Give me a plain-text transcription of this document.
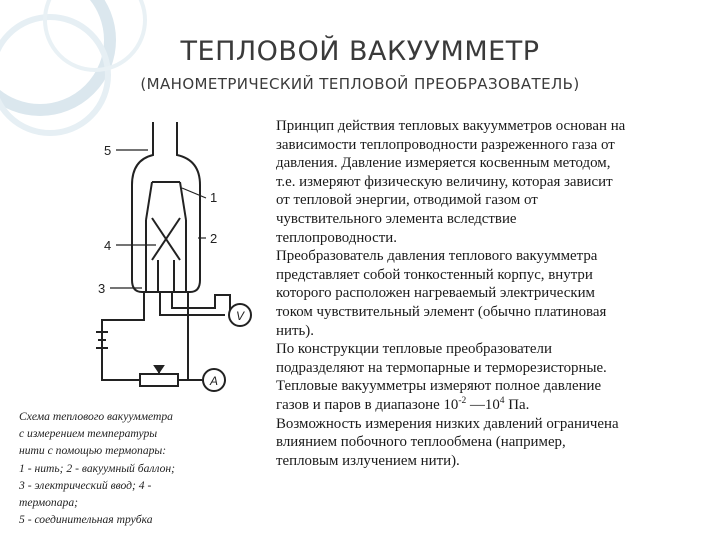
ТЕПЛОВОЙ ВАКУУММЕТР
(МАНОМЕТРИЧЕСКИЙ ТЕПЛОВОЙ ПРЕОБРАЗОВАТЕЛЬ)
V
A
5
1
4	2
3
Схема теплового вакуумметра
с измерением температуры
нити с помощью термопары:
1 - нить; 2 - вакуумный баллон;
3 - электрический ввод; 4 -
термопара;
5 - соединительная трубка
Принцип действия тепловых вакуумметров основан на
зависимости теплопроводности разреженного газа от
давления. Давление измеряется косвенным методом,
т.е. измеряют физическую величину, которая зависит
от тепловой энергии, отводимой газом от
чувствительного элемента вследствие
теплопроводности.
Преобразователь давления теплового вакуумметра
представляет собой тонкостенный корпус, внутри
которого расположен нагреваемый электрическим
током чувствительный элемент (обычно платиновая
нить).
По конструкции тепловые преобразователи
подразделяют на термопарные и терморезисторные.
Тепловые вакуумметры измеряют полное давление
газов и паров в диапазоне $10^{-2}$ $—10^4$ Па.
Возможность измерения низких давлений ограничена
влиянием побочного теплообмена (например,
тепловым излучением нити).
